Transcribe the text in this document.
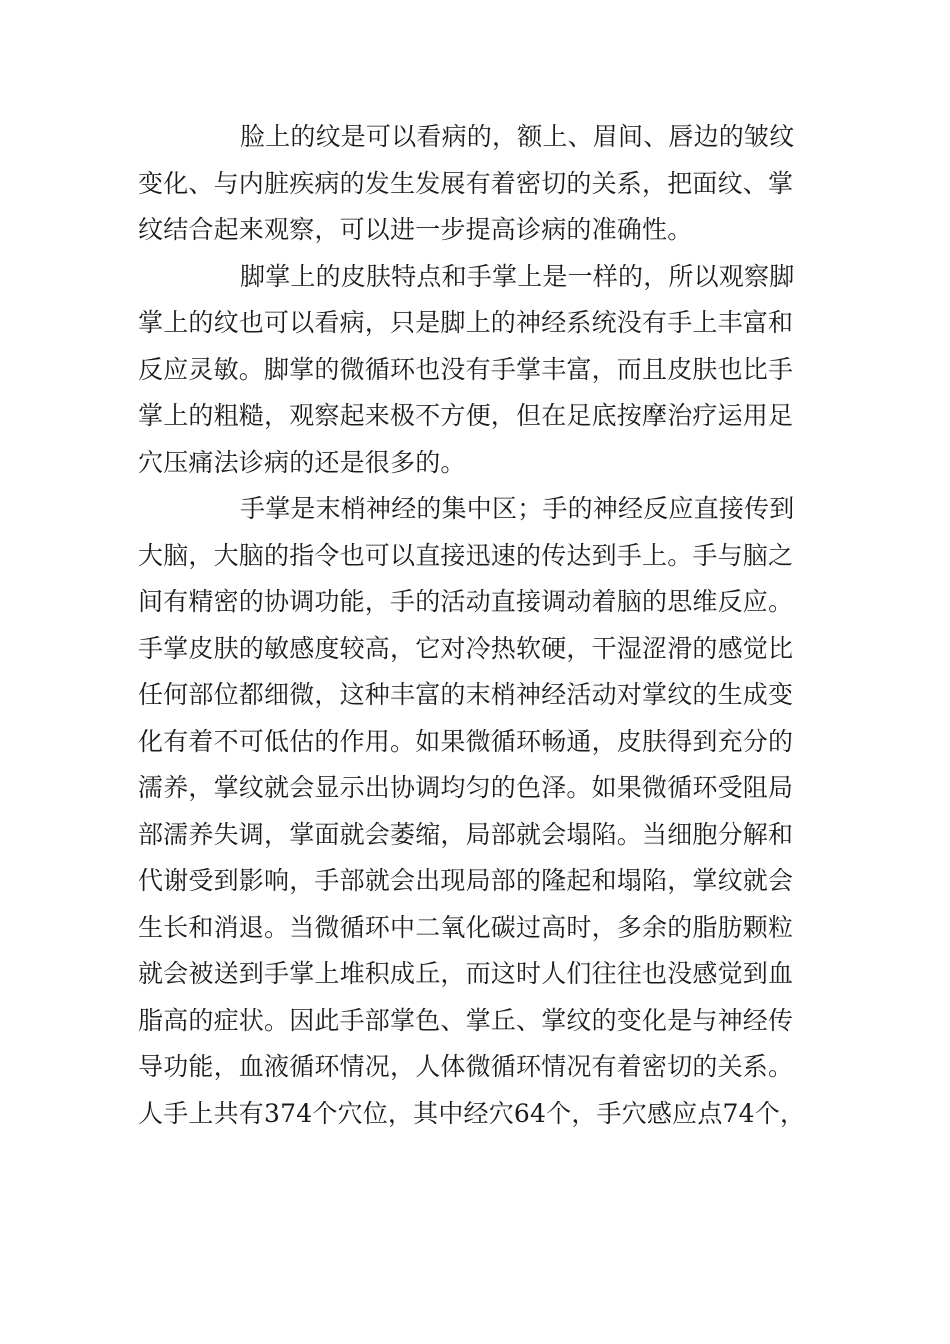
脸上的纹是可以看病的，额上、眉间、唇边的皱纹
变化、与内脏疾病的发生发展有着密切的关系，把面纹、掌
纹结合起来观察，可以进一步提高诊病的准确性。
脚掌上的皮肤特点和手掌上是一样的，所以观察脚
掌上的纹也可以看病，只是脚上的神经系统没有手上丰富和
反应灵敏。脚掌的微循环也没有手掌丰富，而且皮肤也比手
掌上的粗糙，观察起来极不方便，但在足底按摩治疗运用足
穴压痛法诊病的还是很多的。
手掌是末梢神经的集中区；手的神经反应直接传到
大脑，大脑的指令也可以直接迅速的传达到手上。手与脑之
间有精密的协调功能，手的活动直接调动着脑的思维反应。
手掌皮肤的敏感度较高，它对冷热软硬，干湿涩滑的感觉比
任何部位都细微，这种丰富的末梢神经活动对掌纹的生成变
化有着不可低估的作用。如果微循环畅通，皮肤得到充分的
濡养，掌纹就会显示出协调均匀的色泽。如果微循环受阻局
部濡养失调，掌面就会萎缩，局部就会塌陷。当细胞分解和
代谢受到影响，手部就会出现局部的隆起和塌陷，掌纹就会
生长和消退。当微循环中二氧化碳过高时，多余的脂肪颗粒
就会被送到手掌上堆积成丘，而这时人们往往也没感觉到血
脂高的症状。因此手部掌色、掌丘、掌纹的变化是与神经传
导功能，血液循环情况，人体微循环情况有着密切的关系。
人手上共有374个穴位，其中经穴64个，手穴感应点74个，
